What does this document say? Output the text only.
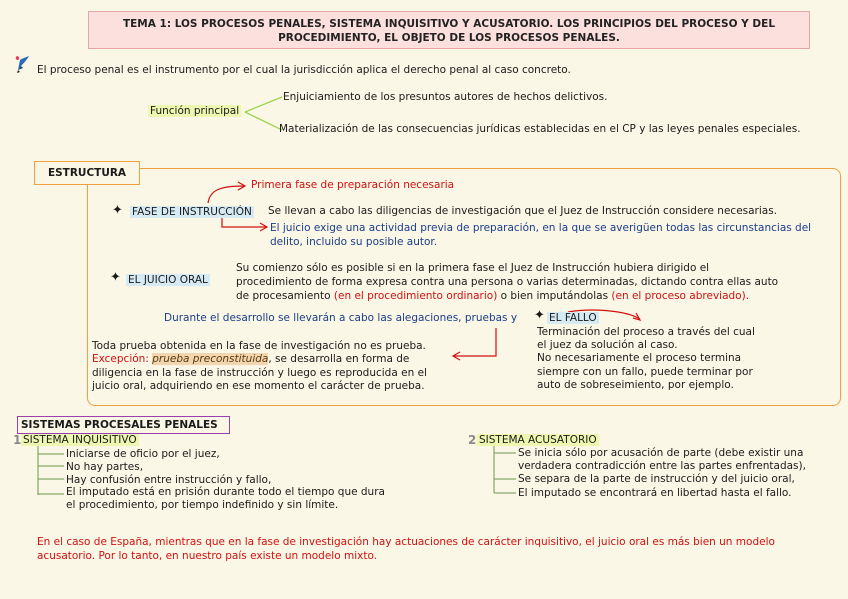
TEMA 1: LOS PROCESOS PENALES, SISTEMA INQUISITIVO Y ACUSATORIO. LOS PRINCIPIOS DEL PROCESO Y DEL PROCEDIMIENTO, EL OBJETO DE LOS PROCESOS PENALES.
El proceso penal es el instrumento por el cual la jurisdicción aplica el derecho penal al caso concreto.
Función principal
Enjuiciamiento de los presuntos autores de hechos delictivos.
Materialización de las consecuencias jurídicas establecidas en el CP y las leyes penales especiales.
ESTRUCTURA
Primera fase de preparación necesaria
✦ FASE DE INSTRUCCIÓN Se llevan a cabo las diligencias de investigación que el Juez de Instrucción considere necesarias.
El juicio exige una actividad previa de preparación, en la que se averigüen todas las circunstancias del
delito, incluido su posible autor.
✦ EL JUICIO ORAL
Su comienzo sólo es posible si en la primera fase el Juez de Instrucción hubiera dirigido el
procedimiento de forma expresa contra una persona o varias determinadas, dictando contra ellas auto
de procesamiento (en el procedimiento ordinario) o bien imputándolas (en el proceso abreviado).
Durante el desarrollo se llevarán a cabo las alegaciones, pruebas y ✦ EL FALLO

Terminación del proceso a través del cual

el juez da solución al caso.

No necesariamente el proceso termina

siempre con un fallo, puede terminar por

auto de sobreseimiento, por ejemplo.

Toda prueba obtenida en la fase de investigación no es prueba.

Excepción: prueba preconstituida, se desarrolla en forma de

diligencia en la fase de instrucción y luego es reproducida en el

juicio oral, adquiriendo en ese momento el carácter de prueba.

SISTEMAS PROCESALES PENALES
1 SISTEMA INQUISITIVO

Iniciarse de oficio por el juez,

No hay partes,

Hay confusión entre instrucción y fallo,

El imputado está en prisión durante todo el tiempo que dura

el procedimiento, por tiempo indefinido y sin límite.

2 SISTEMA ACUSATORIO

Se inicia sólo por acusación de parte (debe existir una

verdadera contradicción entre las partes enfrentadas),

Se separa de la parte de instrucción y del juicio oral,

El imputado se encontrará en libertad hasta el fallo.

En el caso de España, mientras que en la fase de investigación hay actuaciones de carácter inquisitivo, el juicio oral es más bien un modelo

acusatorio. Por lo tanto, en nuestro país existe un modelo mixto.
